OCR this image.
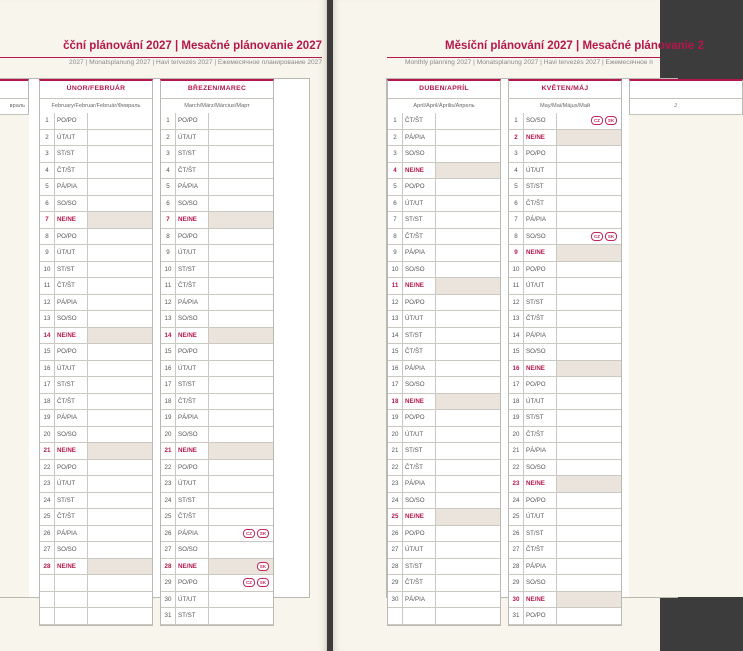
čční plánování 2027 | Mesačné plánovanie 2027
2027 | Monatsplanung 2027 | Havi tervezés 2027 | Ежемесячное планирование 2027
враль
ÚNOR/FEBRUÁR
February/Februar/Február/Февраль
1	PO/PO
2	ÚT/UT
3	ST/ST
4	ČT/ŠT
5	PÁ/PIA
6	SO/SO
7	NE/NE
8	PO/PO
9	ÚT/UT
10	ST/ST
11	ČT/ŠT
12	PÁ/PIA
13	SO/SO
14	NE/NE
15	PO/PO
16	ÚT/UT
17	ST/ST
18	ČT/ŠT
19	PÁ/PIA
20	SO/SO
21	NE/NE
22	PO/PO
23	ÚT/UT
24	ST/ST
25	ČT/ŠT
26	PÁ/PIA
27	SO/SO
28	NE/NE
BŘEZEN/MAREC
March/März/Március/Март
1	PO/PO
2	ÚT/UT
3	ST/ST
4	ČT/ŠT
5	PÁ/PIA
6	SO/SO
7	NE/NE
8	PO/PO
9	ÚT/UT
10	ST/ST
11	ČT/ŠT
12	PÁ/PIA
13	SO/SO
14	NE/NE
15	PO/PO
16	ÚT/UT
17	ST/ST
18	ČT/ŠT
19	PÁ/PIA
20	SO/SO
21	NE/NE
22	PO/PO
23	ÚT/UT
24	ST/ST
25	ČT/ŠT
26	PÁ/PIA	CZ	SK
27	SO/SO
28	NE/NE	SK
29	PO/PO	CZ	SK
30	ÚT/UT
31	ST/ST
Měsíční plánování 2027 | Mesačné plánovanie 2
Monthly planning 2027 | Monatsplanung 2027 | Havi tervezés 2027 | Ежемесячное п
DUBEN/APRÍL
April/April/Április/Апрель
1	ČT/ŠT
2	PÁ/PIA
3	SO/SO
4	NE/NE
5	PO/PO
6	ÚT/UT
7	ST/ST
8	ČT/ŠT
9	PÁ/PIA
10	SO/SO
11	NE/NE
12	PO/PO
13	ÚT/UT
14	ST/ST
15	ČT/ŠT
16	PÁ/PIA
17	SO/SO
18	NE/NE
19	PO/PO
20	ÚT/UT
21	ST/ST
22	ČT/ŠT
23	PÁ/PIA
24	SO/SO
25	NE/NE
26	PO/PO
27	ÚT/UT
28	ST/ST
29	ČT/ŠT
30	PÁ/PIA
KVĚTEN/MÁJ
May/Mai/Május/Май
1	SO/SO	CZ	SK
2	NE/NE
3	PO/PO
4	ÚT/UT
5	ST/ST
6	ČT/ŠT
7	PÁ/PIA
8	SO/SO	CZ	SK
9	NE/NE
10	PO/PO
11	ÚT/UT
12	ST/ST
13	ČT/ŠT
14	PÁ/PIA
15	SO/SO
16	NE/NE
17	PO/PO
18	ÚT/UT
19	ST/ST
20	ČT/ŠT
21	PÁ/PIA
22	SO/SO
23	NE/NE
24	PO/PO
25	ÚT/UT
26	ST/ST
27	ČT/ŠT
28	PÁ/PIA
29	SO/SO
30	NE/NE
31	PO/PO
J
